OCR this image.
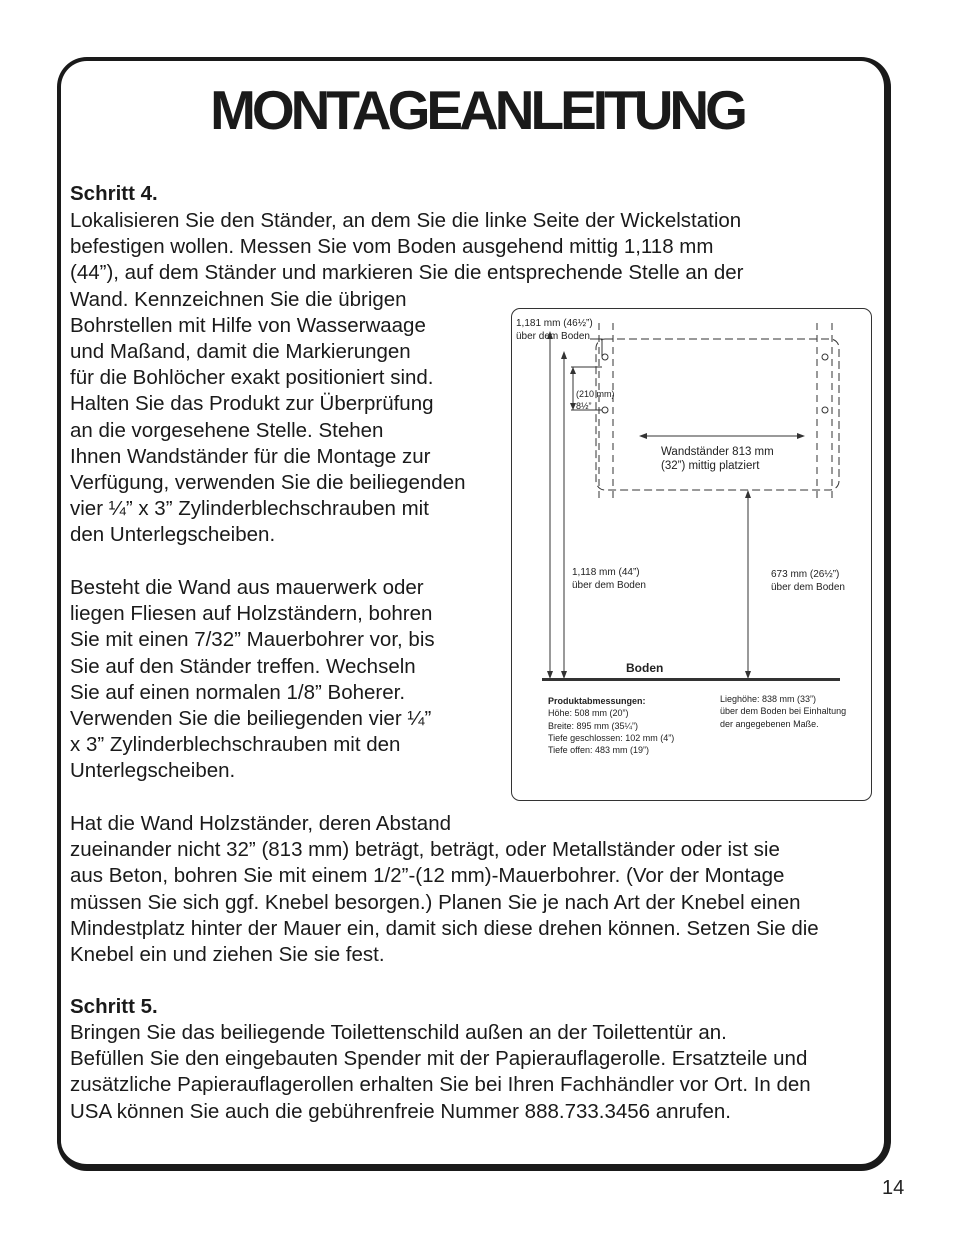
MONTAGEANLEITUNG
Schritt 4.
Lokalisieren Sie den Ständer, an dem Sie die linke Seite der Wickelstation
befestigen wollen. Messen Sie vom Boden ausgehend mittig 1,118 mm
(44”), auf dem Ständer und markieren Sie die entsprechende Stelle an der
Wand. Kennzeichnen Sie die übrigen
Bohrstellen mit Hilfe von Wasserwaage
und Maßand, damit die Markierungen
für die Bohlöcher exakt positioniert sind.
Halten Sie das Produkt zur Überprüfung
an die vorgesehene Stelle. Stehen
Ihnen Wandständer für die Montage zur
Verfügung, verwenden Sie die beiliegenden
vier ¼” x 3” Zylinderblechschrauben mit
den Unterlegscheiben.
Besteht die Wand aus mauerwerk oder
liegen Fliesen auf Holzständern, bohren
Sie mit einen 7/32” Mauerbohrer vor, bis
Sie auf den Ständer treffen. Wechseln
Sie auf einen normalen 1/8” Boherer.
Verwenden Sie die beiliegenden vier ¼”
x 3” Zylinderblechschrauben mit den
Unterlegscheiben.
Hat die Wand Holzständer, deren Abstand
zueinander nicht 32” (813 mm) beträgt, beträgt, oder Metallständer oder ist sie
aus Beton, bohren Sie mit einem 1/2”-(12 mm)-Mauerbohrer. (Vor der Montage
müssen Sie sich ggf. Knebel besorgen.) Planen Sie je nach Art der Knebel einen
Mindestplatz hinter der Mauer ein, damit sich diese drehen können. Setzen Sie die
Knebel ein und ziehen Sie sie fest.
Schritt 5.
Bringen Sie das beiliegende Toilettenschild außen an der Toilettentür an.
Befüllen Sie den eingebauten Spender mit der Papierauflagerolle. Ersatzteile und
zusätzliche Papierauflagerollen erhalten Sie bei Ihren Fachhändler vor Ort. In den
USA können Sie auch die gebührenfreie Nummer 888.733.3456 anrufen.
1,181 mm (46½”)
über dem Boden
(210 mm)
8½”
Wandständer 813 mm
(32”) mittig platziert
1,118 mm (44”)
über dem Boden
673 mm (26½”)
über dem Boden
Boden
Produktabmessungen:
Höhe: 508 mm (20”)
Breite: 895 mm (35¼”)
Tiefe geschlossen: 102 mm (4”)
Tiefe offen: 483 mm (19”)
Lieghöhe: 838 mm (33”)
über dem Boden bei Einhaltung
der angegebenen Maße.
14
